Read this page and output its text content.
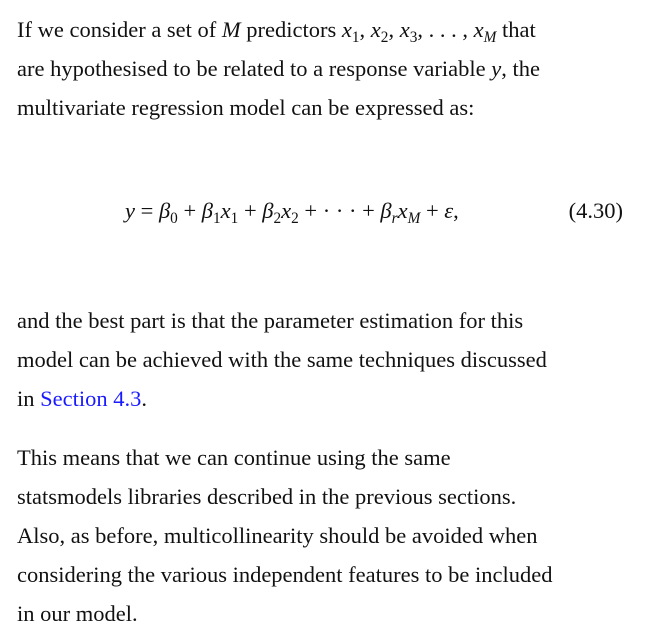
If we consider a set of M predictors $x_1$, $x_2$, $x_3$, . . . , $x_M$ that
are hypothesised to be related to a response variable y, the
multivariate regression model can be expressed as:

$y = \beta_0 + \beta_1x_1 + \beta_2x_2$ + · · · + $\beta_rx_M + \varepsilon$,	(4.30)

and the best part is that the parameter estimation for this
model can be achieved with the same techniques discussed
in Section 4.3.

This means that we can continue using the same
statsmodels libraries described in the previous sections.
Also, as before, multicollinearity should be avoided when
considering the various independent features to be included
in our model.
